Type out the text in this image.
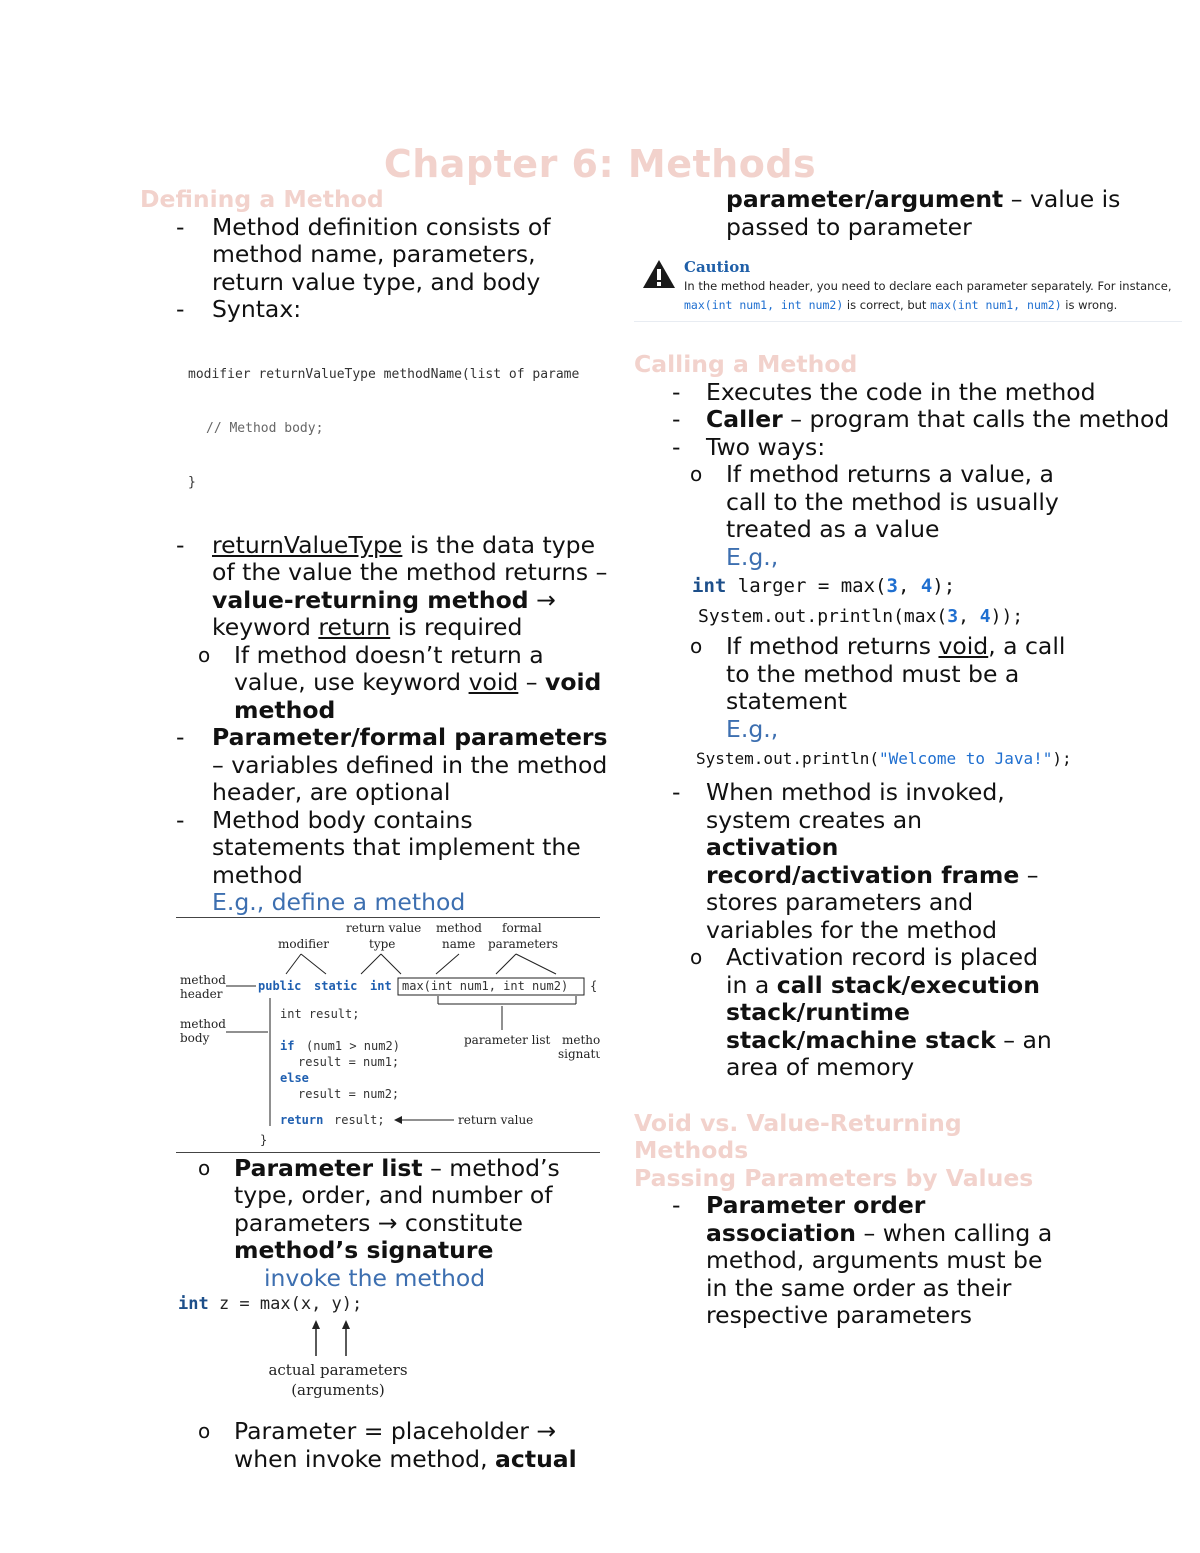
Chapter 6: Methods
Defining a Method
- Method definition consists of method name, parameters, return value type, and body
- Syntax:

modifier returnValueType methodName(list of parame

// Method body;

}

- returnValueType is the data type of the value the method returns – value-returning method → keyword return is required
o If method doesn’t return a value, use keyword void – void method
- Parameter/formal parameters – variables defined in the method header, are optional
- Method body contains statements that implement the method
E.g., define a method
modifier
return value
type
method
name
formal
parameters
method
header
public static int max(int num1, int num2) {
method
body
int result;
if (num1 > num2)
result = num1;
else
result = num2;
return result;
}
parameter list metho
signatu
return value
o Parameter list – method’s type, order, and number of parameters → constitute method’s signature
invoke the method
int z = max(x, y);
actual parameters
(arguments)
o Parameter = placeholder → when invoke method, actual
parameter/argument – value is passed to parameter
Caution
In the method header, you need to declare each parameter separately. For instance,
max(int num1, int num2) is correct, but max(int num1, num2) is wrong.
Calling a Method
- Executes the code in the method
- Caller – program that calls the method
- Two ways:
o If method returns a value, a call to the method is usually treated as a value
E.g.,
int larger = max(3, 4);
System.out.println(max(3, 4));
o If method returns void, a call to the method must be a statement
E.g.,
System.out.println("Welcome to Java!");
- When method is invoked, system creates an activation record/activation frame – stores parameters and variables for the method
o Activation record is placed in a call stack/execution stack/runtime stack/machine stack – an area of memory
Void vs. Value-Returning Methods
Passing Parameters by Values
- Parameter order association – when calling a method, arguments must be in the same order as their respective parameters
